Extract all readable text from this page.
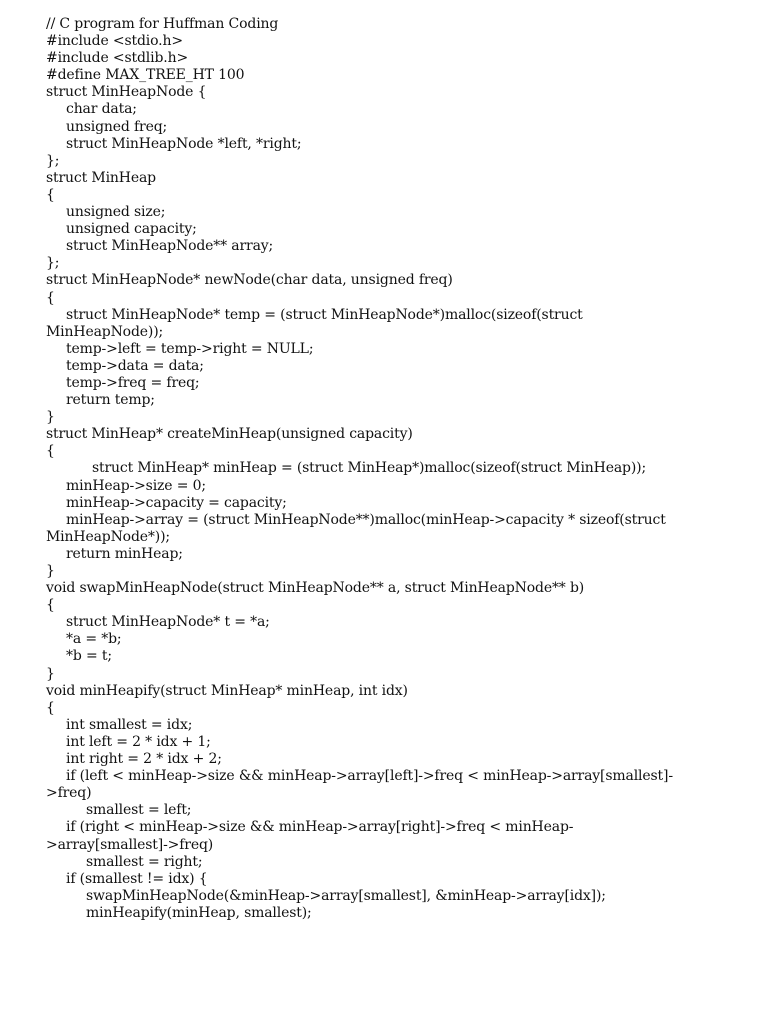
// C program for Huffman Coding
#include <stdio.h>
#include <stdlib.h>
#define MAX_TREE_HT 100
struct MinHeapNode {
char data;
unsigned freq;
struct MinHeapNode *left, *right;
};
struct MinHeap
{
unsigned size;
unsigned capacity;
struct MinHeapNode** array;
};
struct MinHeapNode* newNode(char data, unsigned freq)
{
struct MinHeapNode* temp = (struct MinHeapNode*)malloc(sizeof(struct
MinHeapNode));
temp->left = temp->right = NULL;
temp->data = data;
temp->freq = freq;
return temp;
}
struct MinHeap* createMinHeap(unsigned capacity)
{
struct MinHeap* minHeap = (struct MinHeap*)malloc(sizeof(struct MinHeap));
minHeap->size = 0;
minHeap->capacity = capacity;
minHeap->array = (struct MinHeapNode**)malloc(minHeap->capacity * sizeof(struct
MinHeapNode*));
return minHeap;
}
void swapMinHeapNode(struct MinHeapNode** a, struct MinHeapNode** b)
{
struct MinHeapNode* t = *a;
*a = *b;
*b = t;
}
void minHeapify(struct MinHeap* minHeap, int idx)
{
int smallest = idx;
int left = 2 * idx + 1;
int right = 2 * idx + 2;
if (left < minHeap->size && minHeap->array[left]->freq < minHeap->array[smallest]-
>freq)
smallest = left;
if (right < minHeap->size && minHeap->array[right]->freq < minHeap-
>array[smallest]->freq)
smallest = right;
if (smallest != idx) {
swapMinHeapNode(&minHeap->array[smallest], &minHeap->array[idx]);
minHeapify(minHeap, smallest);
